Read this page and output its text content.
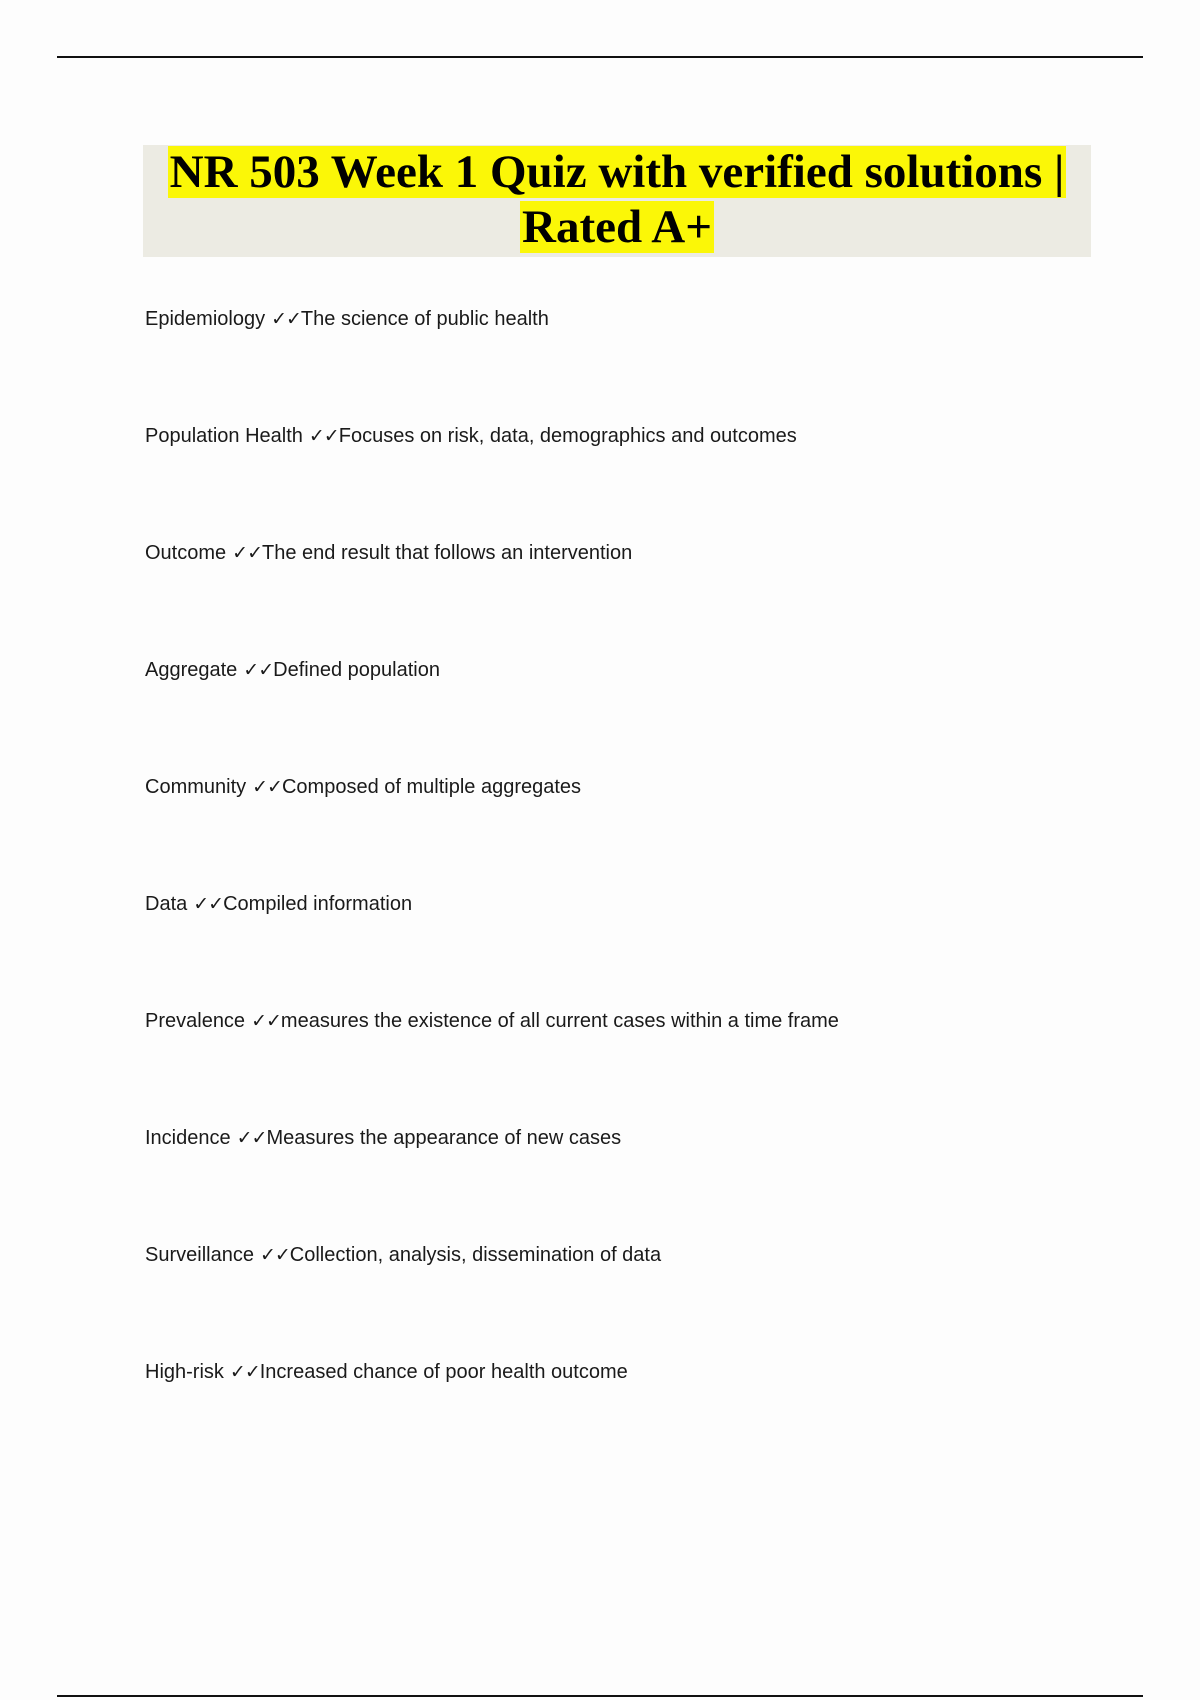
NR 503 Week 1 Quiz with verified solutions | Rated A+
Epidemiology ✓✓The science of public health
Population Health ✓✓Focuses on risk, data, demographics and outcomes
Outcome ✓✓The end result that follows an intervention
Aggregate ✓✓Defined population
Community ✓✓Composed of multiple aggregates
Data ✓✓Compiled information
Prevalence ✓✓measures the existence of all current cases within a time frame
Incidence ✓✓Measures the appearance of new cases
Surveillance ✓✓Collection, analysis, dissemination of data
High-risk ✓✓Increased chance of poor health outcome
